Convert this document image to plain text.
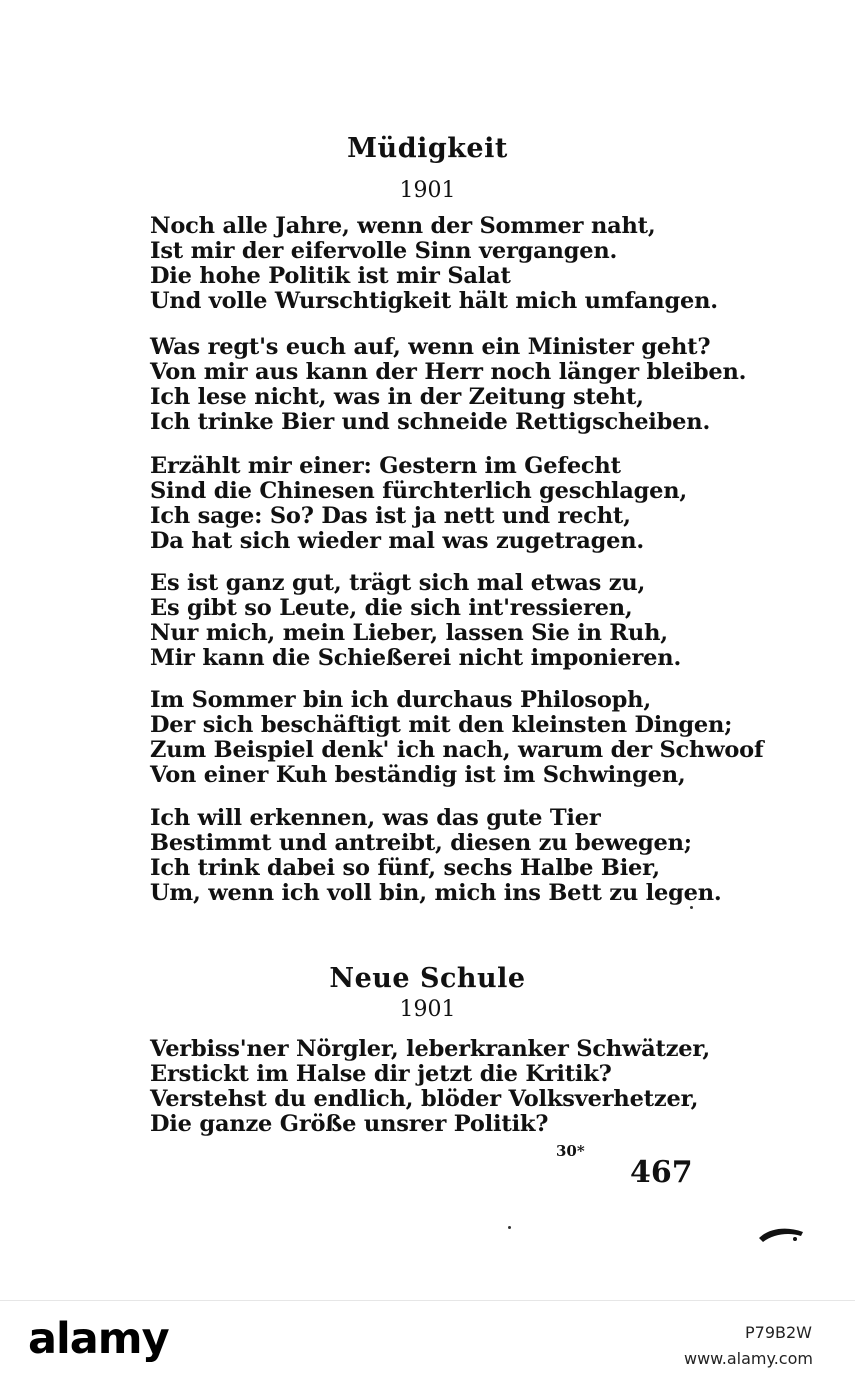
Müdigkeit
1901
Noch alle Jahre, wenn der Sommer naht,
Ist mir der eifervolle Sinn vergangen.
Die hohe Politik ist mir Salat
Und volle Wurschtigkeit hält mich umfangen.
Was regt's euch auf, wenn ein Minister geht?
Von mir aus kann der Herr noch länger bleiben.
Ich lese nicht, was in der Zeitung steht,
Ich trinke Bier und schneide Rettigscheiben.
Erzählt mir einer: Gestern im Gefecht
Sind die Chinesen fürchterlich geschlagen,
Ich sage: So? Das ist ja nett und recht,
Da hat sich wieder mal was zugetragen.
Es ist ganz gut, trägt sich mal etwas zu,
Es gibt so Leute, die sich int'ressieren,
Nur mich, mein Lieber, lassen Sie in Ruh,
Mir kann die Schießerei nicht imponieren.
Im Sommer bin ich durchaus Philosoph,
Der sich beschäftigt mit den kleinsten Dingen;
Zum Beispiel denk' ich nach, warum der Schwoof
Von einer Kuh beständig ist im Schwingen,
Ich will erkennen, was das gute Tier
Bestimmt und antreibt, diesen zu bewegen;
Ich trink dabei so fünf, sechs Halbe Bier,
Um, wenn ich voll bin, mich ins Bett zu legen.
Neue Schule
1901
Verbiss'ner Nörgler, leberkranker Schwätzer,
Erstickt im Halse dir jetzt die Kritik?
Verstehst du endlich, blöder Volksverhetzer,
Die ganze Größe unsrer Politik?
30*
467
alamy	P79B2W
www.alamy.com
